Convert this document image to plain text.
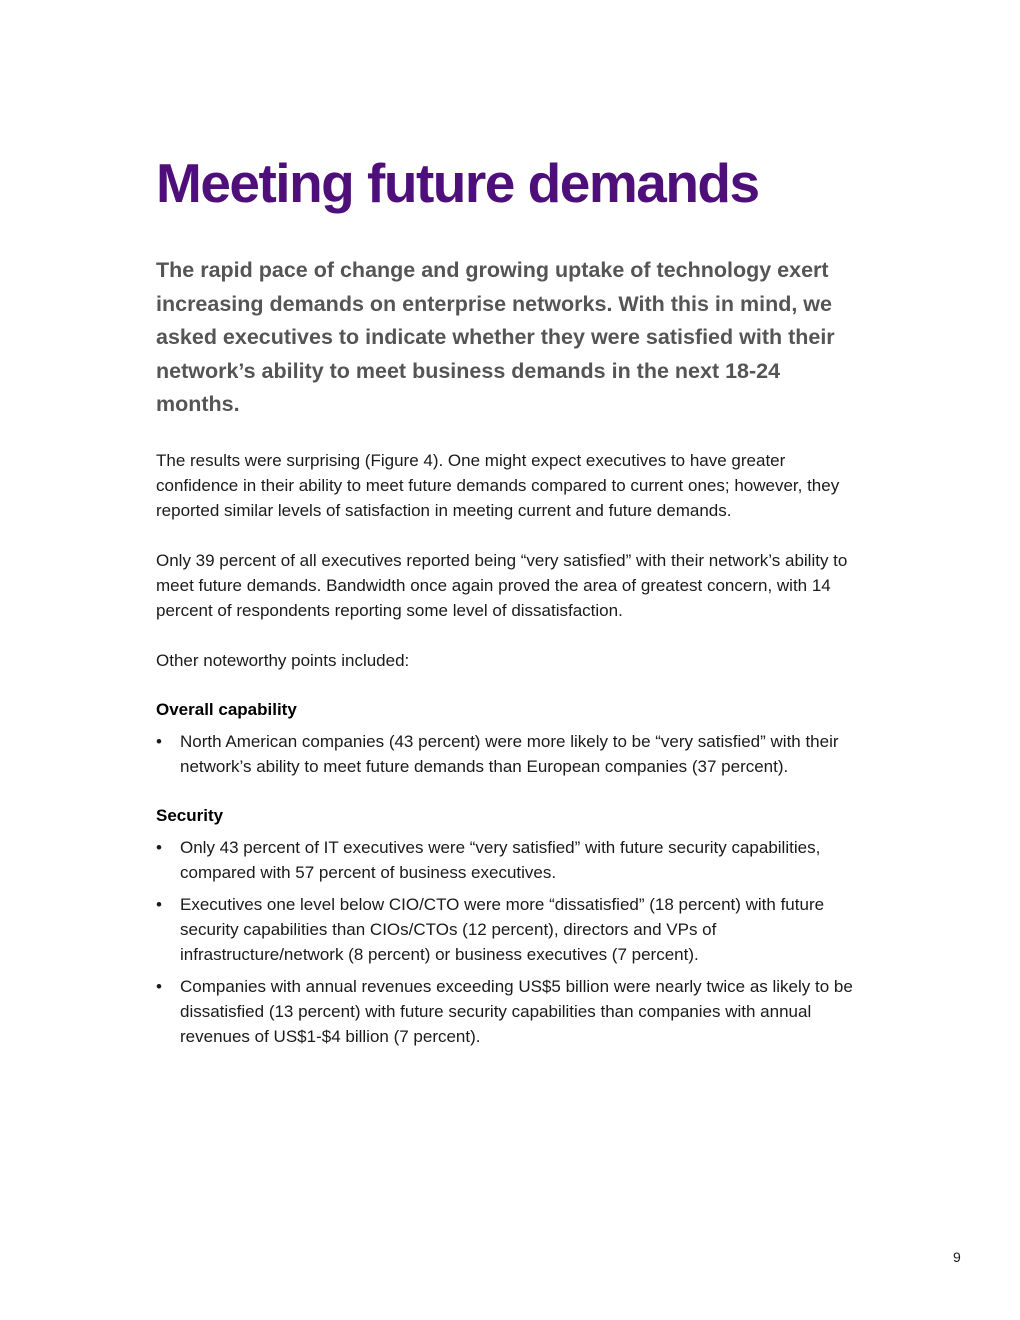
Meeting future demands

The rapid pace of change and growing uptake of technology exert increasing demands on enterprise networks. With this in mind, we asked executives to indicate whether they were satisfied with their network’s ability to meet business demands in the next 18-24 months.

The results were surprising (Figure 4). One might expect executives to have greater confidence in their ability to meet future demands compared to current ones; however, they reported similar levels of satisfaction in meeting current and future demands.

Only 39 percent of all executives reported being “very satisfied” with their network’s ability to meet future demands. Bandwidth once again proved the area of greatest concern, with 14 percent of respondents reporting some level of dissatisfaction.

Other noteworthy points included:

Overall capability
•	North American companies (43 percent) were more likely to be “very satisfied” with their network’s ability to meet future demands than European companies (37 percent).
Security
•	Only 43 percent of IT executives were “very satisfied” with future security capabilities, compared with 57 percent of business executives.
•	Executives one level below CIO/CTO were more “dissatisfied” (18 percent) with future security capabilities than CIOs/CTOs (12 percent), directors and VPs of infrastructure/network (8 percent) or business executives (7 percent).
•	Companies with annual revenues exceeding US$5 billion were nearly twice as likely to be dissatisfied (13 percent) with future security capabilities than companies with annual revenues of US$1-$4 billion (7 percent).
9
